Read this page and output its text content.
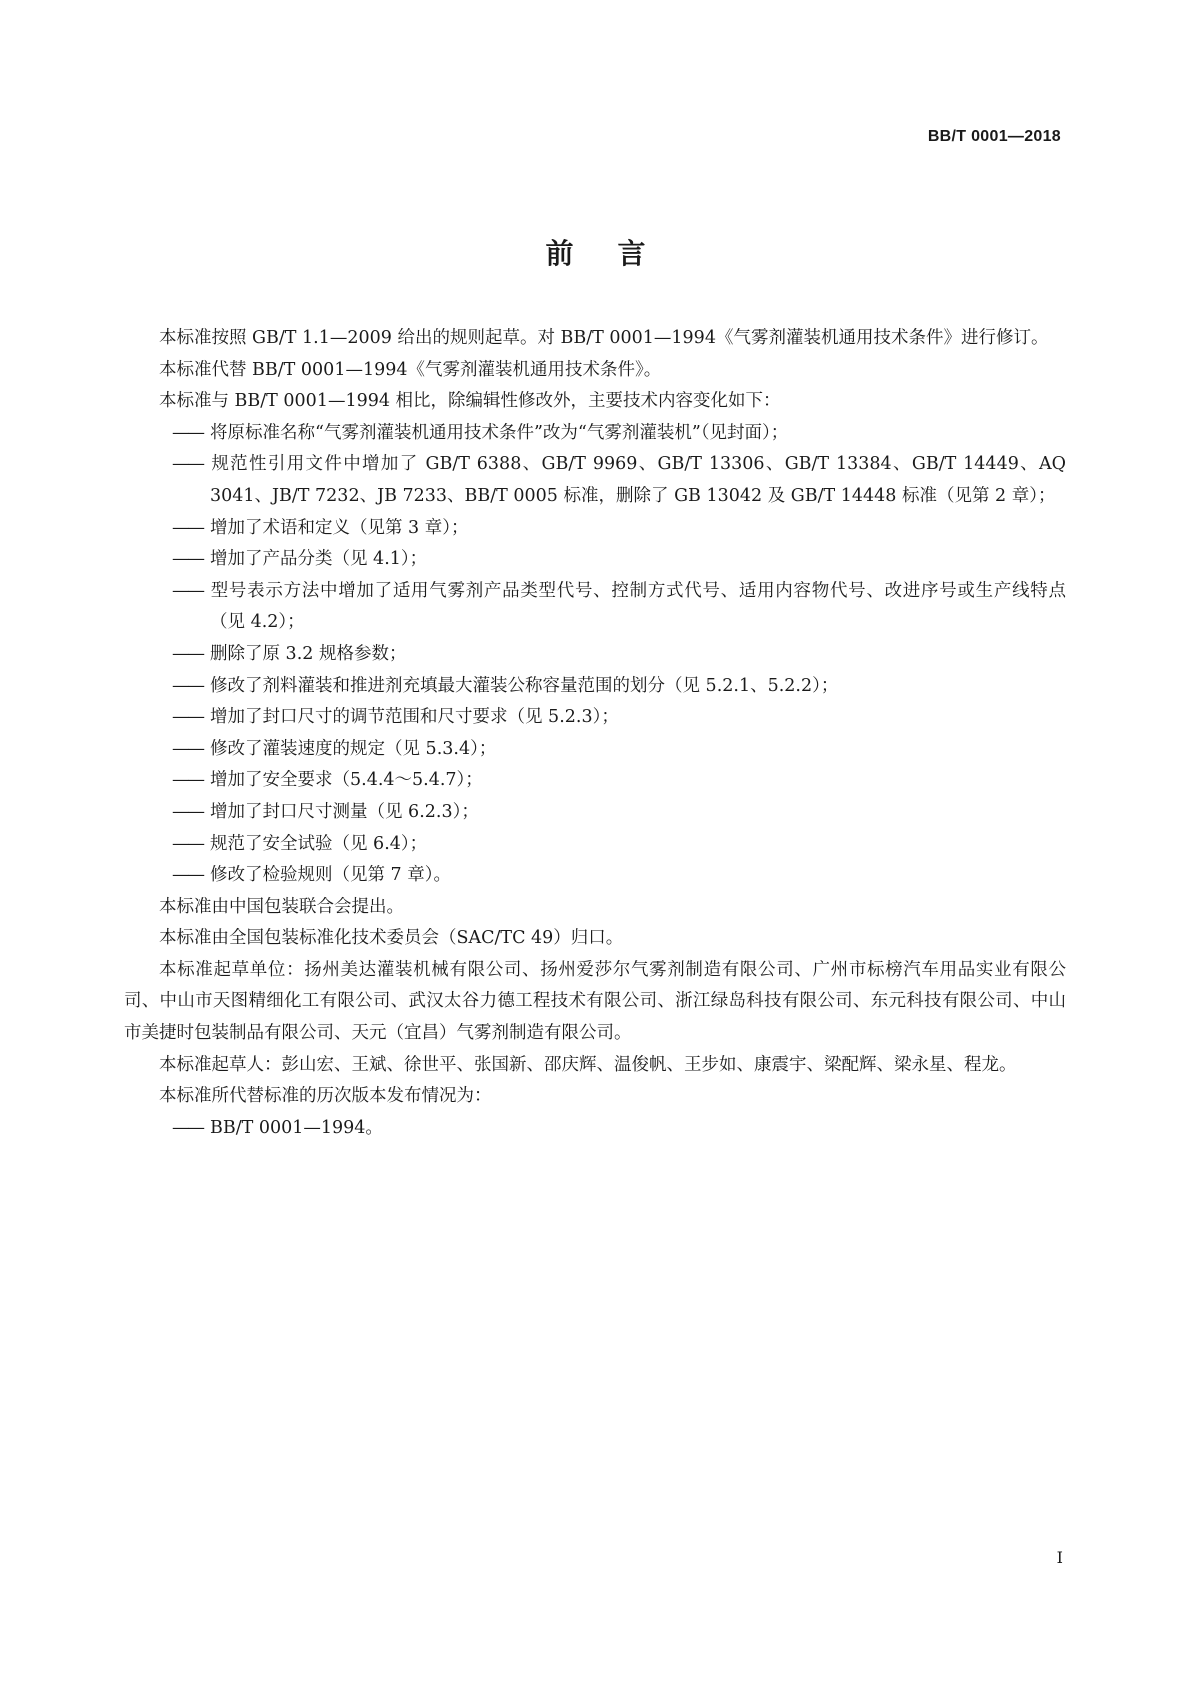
BB/T 0001—2018
前言

本标准按照 GB/T 1.1—2009 给出的规则起草。对 BB/T 0001—1994《气雾剂灌装机通用技术条件》进行修订。

本标准代替 BB/T 0001—1994《气雾剂灌装机通用技术条件》。

本标准与 BB/T 0001—1994 相比，除编辑性修改外，主要技术内容变化如下：

—— 将原标准名称“气雾剂灌装机通用技术条件”改为“气雾剂灌装机”（见封面）；

—— 规范性引用文件中增加了 GB/T 6388、GB/T 9969、GB/T 13306、GB/T 13384、GB/T 14449、AQ 3041、JB/T 7232、JB 7233、BB/T 0005 标准，删除了 GB 13042 及 GB/T 14448 标准（见第 2 章）；

—— 增加了术语和定义（见第 3 章）；

—— 增加了产品分类（见 4.1）；

—— 型号表示方法中增加了适用气雾剂产品类型代号、控制方式代号、适用内容物代号、改进序号或生产线特点（见 4.2）；

—— 删除了原 3.2 规格参数；

—— 修改了剂料灌装和推进剂充填最大灌装公称容量范围的划分（见 5.2.1、5.2.2）；

—— 增加了封口尺寸的调节范围和尺寸要求（见 5.2.3）；

—— 修改了灌装速度的规定（见 5.3.4）；

—— 增加了安全要求（5.4.4～5.4.7）；

—— 增加了封口尺寸测量（见 6.2.3）；

—— 规范了安全试验（见 6.4）；

—— 修改了检验规则（见第 7 章）。

本标准由中国包装联合会提出。

本标准由全国包装标准化技术委员会（SAC/TC 49）归口。

本标准起草单位：扬州美达灌装机械有限公司、扬州爱莎尔气雾剂制造有限公司、广州市标榜汽车用品实业有限公司、中山市天图精细化工有限公司、武汉太谷力德工程技术有限公司、浙江绿岛科技有限公司、东元科技有限公司、中山市美捷时包装制品有限公司、天元（宜昌）气雾剂制造有限公司。

本标准起草人：彭山宏、王斌、徐世平、张国新、邵庆辉、温俊帆、王步如、康震宇、梁配辉、梁永星、程龙。

本标准所代替标准的历次版本发布情况为：

—— BB/T 0001—1994。

I
